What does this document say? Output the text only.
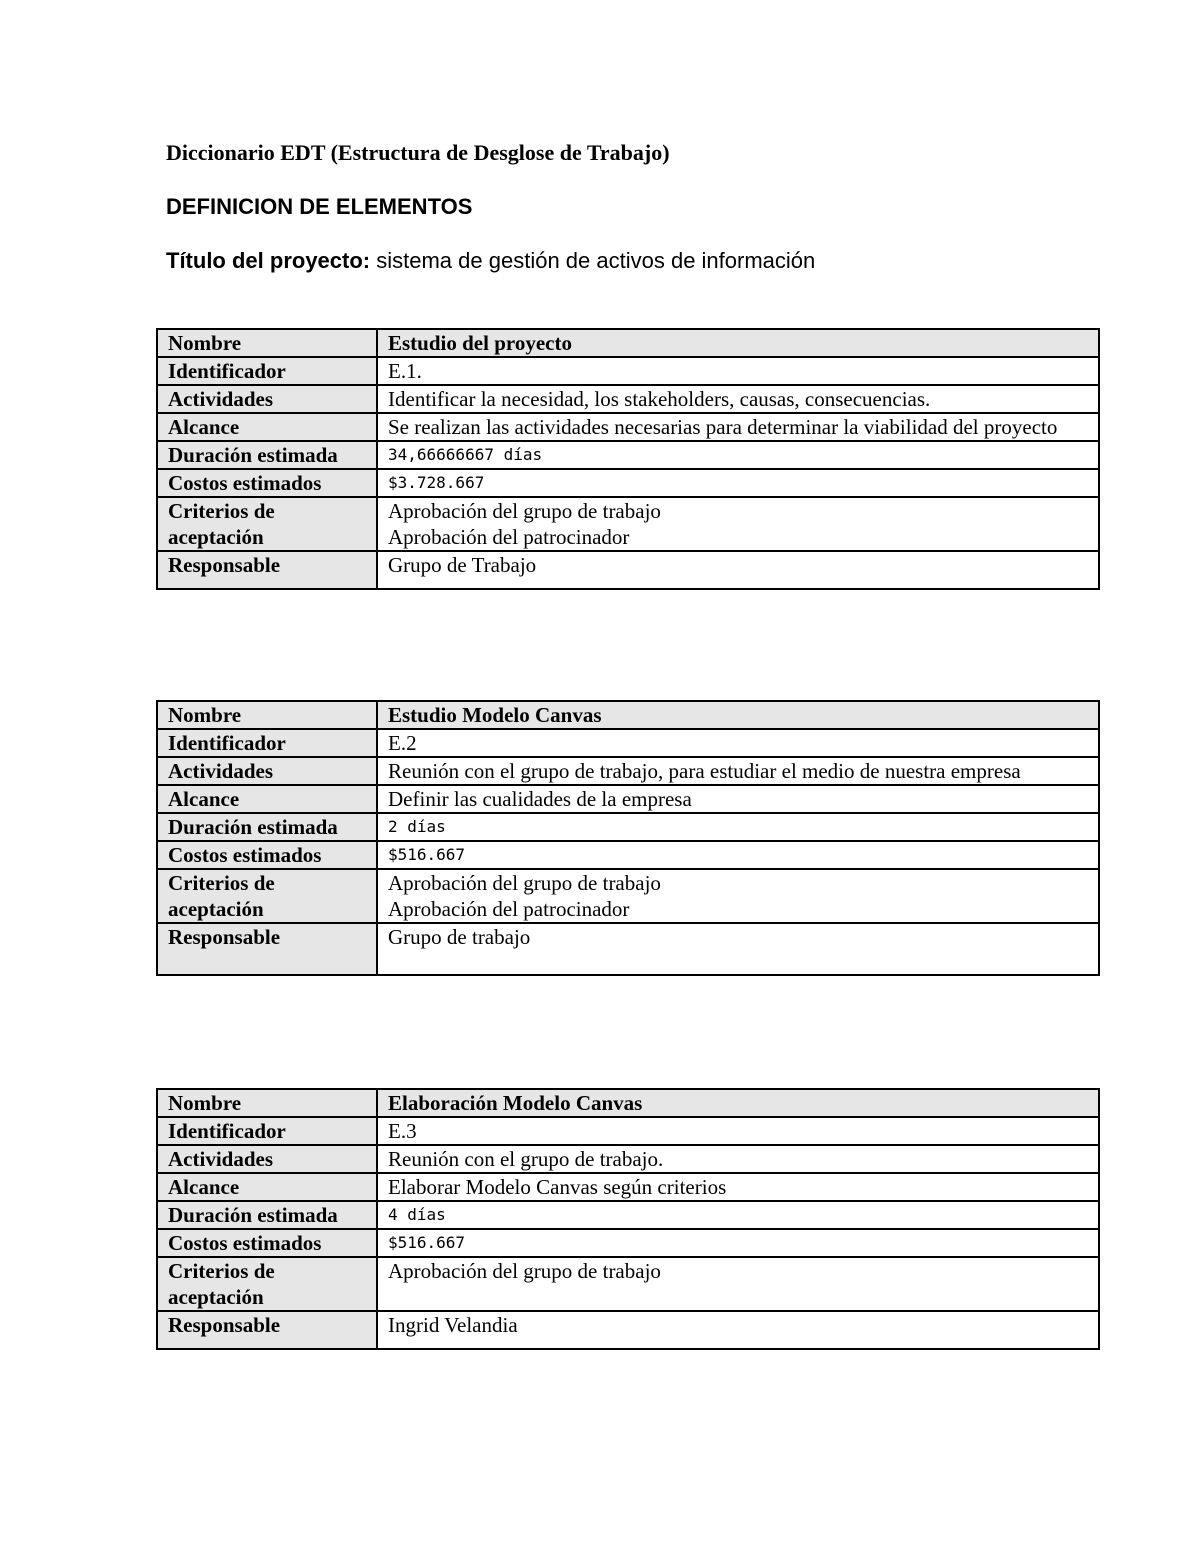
Diccionario EDT (Estructura de Desglose de Trabajo)
DEFINICION DE ELEMENTOS
Título del proyecto: sistema de gestión de activos de información
Nombre	Estudio del proyecto
Identificador	E.1.
Actividades	Identificar la necesidad, los stakeholders, causas, consecuencias.
Alcance	Se realizan las actividades necesarias para determinar la viabilidad del proyecto
Duración estimada	34,66666667 días
Costos estimados	$3.728.667

Criterios de
aceptación	Aprobación del grupo de trabajo
Aprobación del patrocinador

Responsable	Grupo de Trabajo
Nombre	Estudio Modelo Canvas
Identificador	E.2
Actividades	Reunión con el grupo de trabajo, para estudiar el medio de nuestra empresa
Alcance	Definir las cualidades de la empresa
Duración estimada	2 días
Costos estimados	$516.667

Criterios de
aceptación	Aprobación del grupo de trabajo
Aprobación del patrocinador

Responsable	Grupo de trabajo
Nombre	Elaboración Modelo Canvas
Identificador	E.3
Actividades	Reunión con el grupo de trabajo.
Alcance	Elaborar Modelo Canvas según criterios
Duración estimada	4 días
Costos estimados	$516.667

Criterios de
aceptación	Aprobación del grupo de trabajo

Responsable	Ingrid Velandia
